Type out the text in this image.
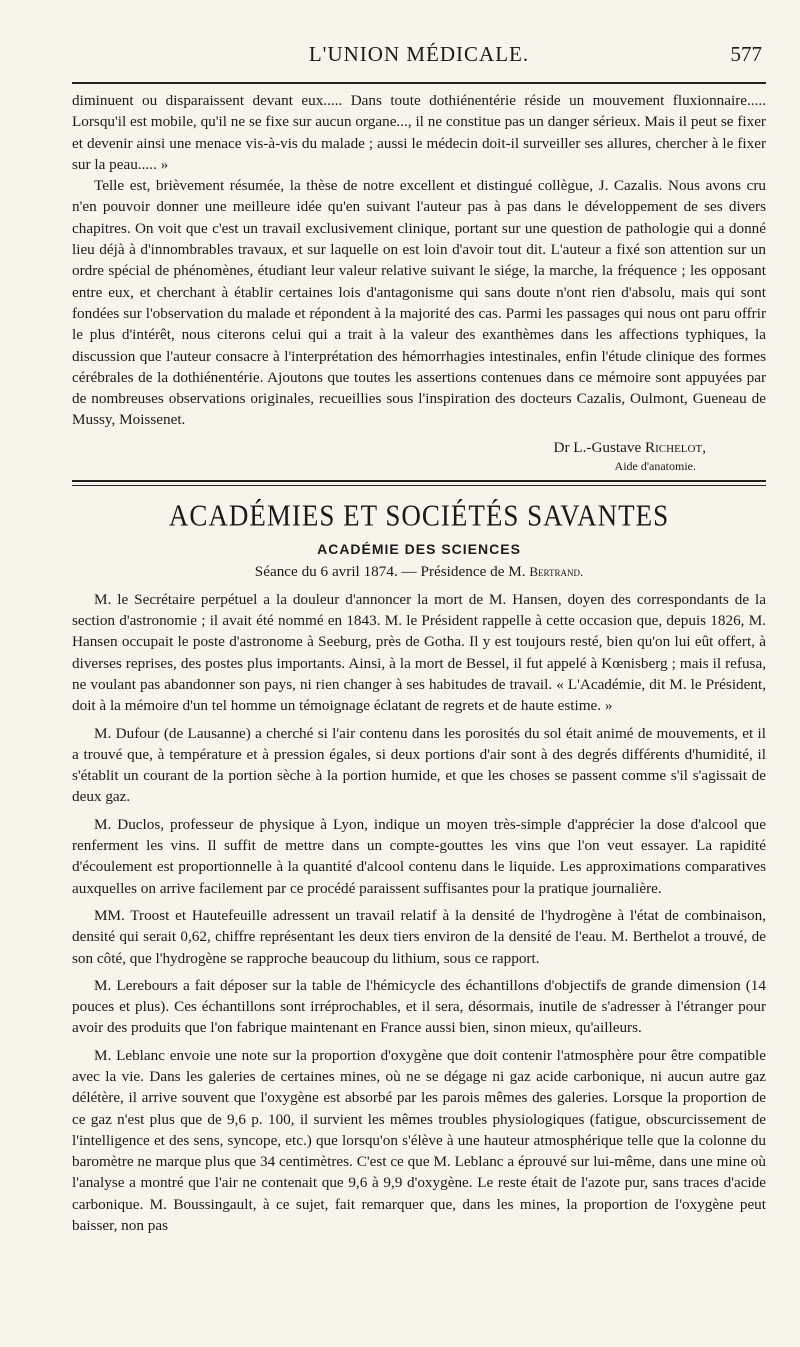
L'UNION MÉDICALE.	577

diminuent ou disparaissent devant eux..... Dans toute dothiénentérie réside un mouvement fluxionnaire..... Lorsqu'il est mobile, qu'il ne se fixe sur aucun organe..., il ne constitue pas un danger sérieux. Mais il peut se fixer et devenir ainsi une menace vis-à-vis du malade ; aussi le médecin doit-il surveiller ses allures, chercher à le fixer sur la peau..... »

Telle est, brièvement résumée, la thèse de notre excellent et distingué collègue, J. Cazalis. Nous avons cru n'en pouvoir donner une meilleure idée qu'en suivant l'auteur pas à pas dans le développement de ses divers chapitres. On voit que c'est un travail exclusivement clinique, portant sur une question de pathologie qui a donné lieu déjà à d'innombrables travaux, et sur laquelle on est loin d'avoir tout dit. L'auteur a fixé son attention sur un ordre spécial de phénomènes, étudiant leur valeur relative suivant le siége, la marche, la fréquence ; les opposant entre eux, et cherchant à établir certaines lois d'antagonisme qui sans doute n'ont rien d'absolu, mais qui sont fondées sur l'observation du malade et répondent à la majorité des cas. Parmi les passages qui nous ont paru offrir le plus d'intérêt, nous citerons celui qui a trait à la valeur des exanthèmes dans les affections typhiques, la discussion que l'auteur consacre à l'interprétation des hémorrhagies intestinales, enfin l'étude clinique des formes cérébrales de la dothiénentérie. Ajoutons que toutes les assertions contenues dans ce mémoire sont appuyées par de nombreuses observations originales, recueillies sous l'inspiration des docteurs Cazalis, Oulmont, Gueneau de Mussy, Moissenet.

Dr L.-Gustave Richelot,
Aide d'anatomie.
ACADÉMIES ET SOCIÉTÉS SAVANTES
ACADÉMIE DES SCIENCES
Séance du 6 avril 1874. — Présidence de M. Bertrand.

M. le Secrétaire perpétuel a la douleur d'annoncer la mort de M. Hansen, doyen des correspondants de la section d'astronomie ; il avait été nommé en 1843. M. le Président rappelle à cette occasion que, depuis 1826, M. Hansen occupait le poste d'astronome à Seeburg, près de Gotha. Il y est toujours resté, bien qu'on lui eût offert, à diverses reprises, des postes plus importants. Ainsi, à la mort de Bessel, il fut appelé à Kœnisberg ; mais il refusa, ne voulant pas abandonner son pays, ni rien changer à ses habitudes de travail. « L'Académie, dit M. le Président, doit à la mémoire d'un tel homme un témoignage éclatant de regrets et de haute estime. »

M. Dufour (de Lausanne) a cherché si l'air contenu dans les porosités du sol était animé de mouvements, et il a trouvé que, à température et à pression égales, si deux portions d'air sont à des degrés différents d'humidité, il s'établit un courant de la portion sèche à la portion humide, et que les choses se passent comme s'il s'agissait de deux gaz.

M. Duclos, professeur de physique à Lyon, indique un moyen très-simple d'apprécier la dose d'alcool que renferment les vins. Il suffit de mettre dans un compte-gouttes les vins que l'on veut essayer. La rapidité d'écoulement est proportionnelle à la quantité d'alcool contenu dans le liquide. Les approximations comparatives auxquelles on arrive facilement par ce procédé paraissent suffisantes pour la pratique journalière.

MM. Troost et Hautefeuille adressent un travail relatif à la densité de l'hydrogène à l'état de combinaison, densité qui serait 0,62, chiffre représentant les deux tiers environ de la densité de l'eau. M. Berthelot a trouvé, de son côté, que l'hydrogène se rapproche beaucoup du lithium, sous ce rapport.

M. Lerebours a fait déposer sur la table de l'hémicycle des échantillons d'objectifs de grande dimension (14 pouces et plus). Ces échantillons sont irréprochables, et il sera, désormais, inutile de s'adresser à l'étranger pour avoir des produits que l'on fabrique maintenant en France aussi bien, sinon mieux, qu'ailleurs.

M. Leblanc envoie une note sur la proportion d'oxygène que doit contenir l'atmosphère pour être compatible avec la vie. Dans les galeries de certaines mines, où ne se dégage ni gaz acide carbonique, ni aucun autre gaz délétère, il arrive souvent que l'oxygène est absorbé par les parois mêmes des galeries. Lorsque la proportion de ce gaz n'est plus que de 9,6 p. 100, il survient les mêmes troubles physiologiques (fatigue, obscurcissement de l'intelligence et des sens, syncope, etc.) que lorsqu'on s'élève à une hauteur atmosphérique telle que la colonne du baromètre ne marque plus que 34 centimètres. C'est ce que M. Leblanc a éprouvé sur lui-même, dans une mine où l'analyse a montré que l'air ne contenait que 9,6 à 9,9 d'oxygène. Le reste était de l'azote pur, sans traces d'acide carbonique. M. Boussingault, à ce sujet, fait remarquer que, dans les mines, la proportion de l'oxygène peut baisser, non pas
